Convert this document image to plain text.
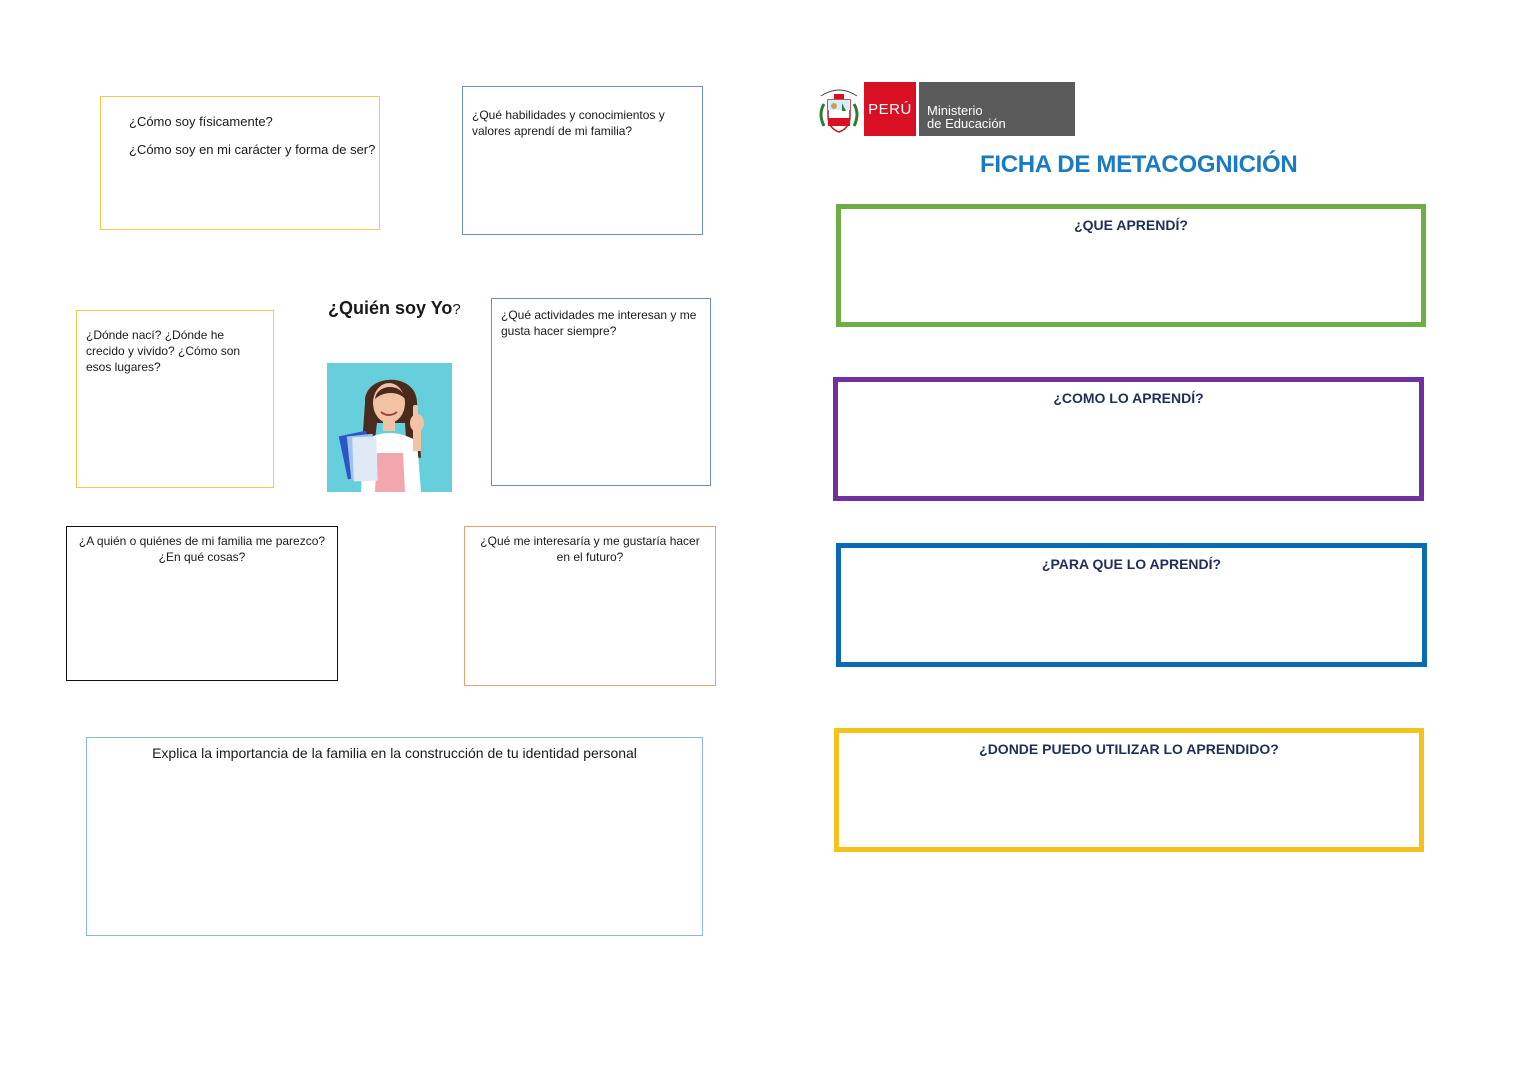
¿Cómo soy físicamente?

¿Cómo soy en mi carácter y forma de ser?

¿Qué habilidades y conocimientos y valores aprendí de mi familia?

¿Dónde nací? ¿Dónde he crecido y vivido? ¿Cómo son esos lugares?

¿Quién soy Yo?	¿Qué actividades me interesan y me gusta hacer siempre?

¿A quién o quiénes de mi familia me parezco? ¿En qué cosas?

¿Qué me interesaría y me gustaría hacer en el futuro?

Explica la importancia de la familia en la construcción de tu identidad personal

PERÚ Ministerio
de Educación
FICHA DE METACOGNICIÓN
¿QUE APRENDÍ?
¿COMO LO APRENDÍ?
¿PARA QUE LO APRENDÍ?
¿DONDE PUEDO UTILIZAR LO APRENDIDO?
